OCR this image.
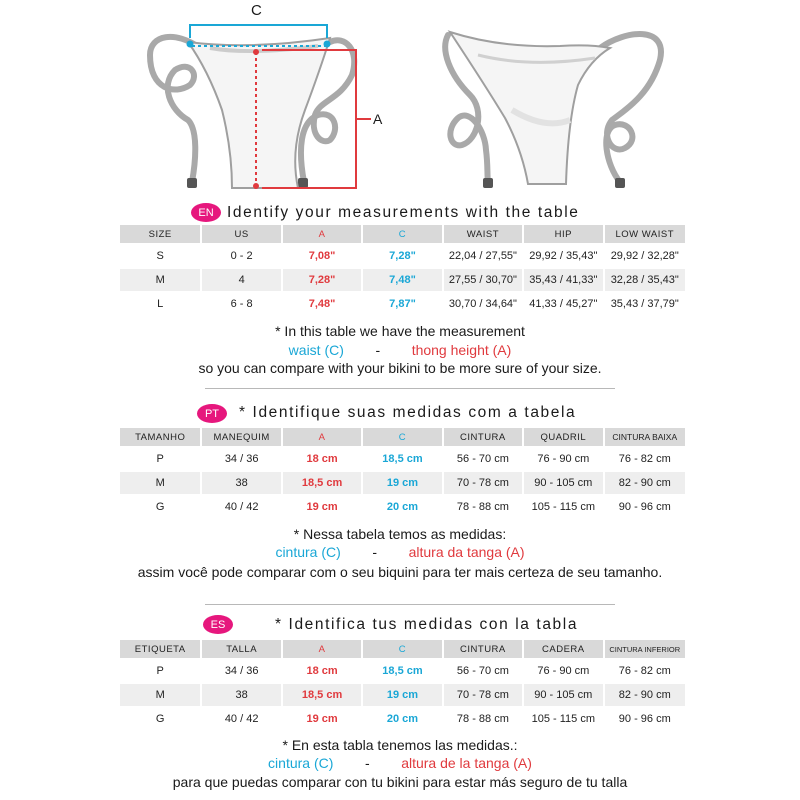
C
A
EN Identify your measurements with the table
SIZE	US	A	C	WAIST	HIP	LOW WAIST
S	0 - 2	7,08"	7,28"	22,04 / 27,55"	29,92 / 35,43"	29,92 / 32,28"
M	4	7,28"	7,48"	27,55 / 30,70"	35,43 / 41,33"	32,28 / 35,43"
L	6 - 8	7,48"	7,87"	30,70 / 34,64"	41,33 / 45,27"	35,43 / 37,79"
* In this table we have the measurement
waist (C) - thong height (A)
so you can compare with your bikini to be more sure of your size.
PT	* Identifique suas medidas com a tabela
TAMANHO	MANEQUIM	A	C	CINTURA	QUADRIL	CINTURA BAIXA
P	34 / 36	18 cm	18,5 cm	56 - 70 cm	76 - 90 cm	76 - 82 cm
M	38	18,5 cm	19 cm	70 - 78 cm	90 - 105 cm	82 - 90 cm
G	40 / 42	19 cm	20 cm	78 - 88 cm	105 - 115 cm	90 - 96 cm
* Nessa tabela temos as medidas:
cintura (C) - altura da tanga (A)
assim você pode comparar com o seu biquini para ter mais certeza de seu tamanho.
ES	* Identifica tus medidas con la tabla
ETIQUETA	TALLA	A	C	CINTURA	CADERA	CINTURA INFERIOR
P	34 / 36	18 cm	18,5 cm	56 - 70 cm	76 - 90 cm	76 - 82 cm
M	38	18,5 cm	19 cm	70 - 78 cm	90 - 105 cm	82 - 90 cm
G	40 / 42	19 cm	20 cm	78 - 88 cm	105 - 115 cm	90 - 96 cm
* En esta tabla tenemos las medidas.:
cintura (C) - altura de la tanga (A)
para que puedas comparar con tu bikini para estar más seguro de tu talla
